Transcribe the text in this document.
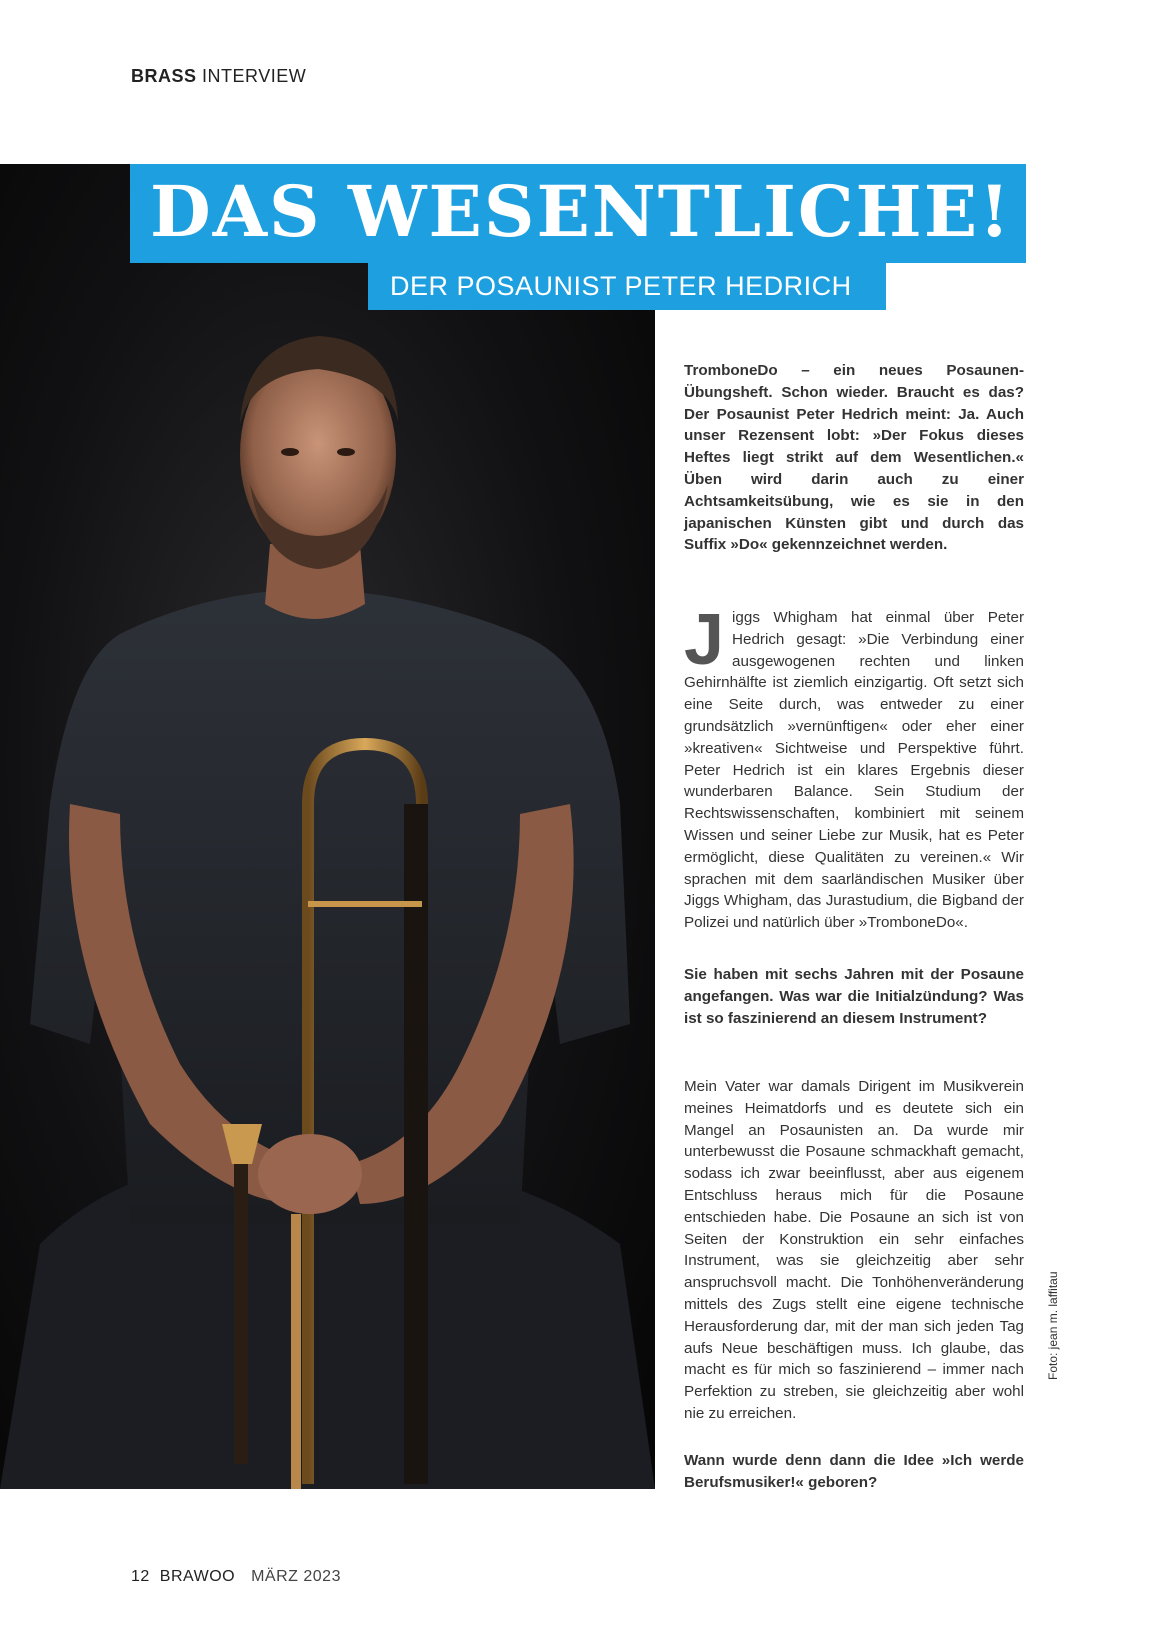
BRASS INTERVIEW
DAS WESENTLICHE!
DER POSAUNIST PETER HEDRICH
TromboneDo – ein neues Posaunen-Übungsheft. Schon wieder. Braucht es das? Der Posaunist Peter Hedrich meint: Ja. Auch unser Rezensent lobt: »Der Fokus dieses Heftes liegt strikt auf dem Wesentlichen.« Üben wird darin auch zu einer Achtsamkeitsübung, wie es sie in den japanischen Künsten gibt und durch das Suffix »Do« gekennzeichnet werden.
Jiggs Whigham hat einmal über Peter Hedrich gesagt: »Die Verbindung einer ausgewogenen rechten und linken Gehirnhälfte ist ziemlich einzigartig. Oft setzt sich eine Seite durch, was entweder zu einer grundsätzlich »vernünftigen« oder eher einer »kreativen« Sichtweise und Perspektive führt. Peter Hedrich ist ein klares Ergebnis dieser wunderbaren Balance. Sein Studium der Rechtswissenschaften, kombiniert mit seinem Wissen und seiner Liebe zur Musik, hat es Peter ermöglicht, diese Qualitäten zu vereinen.« Wir sprachen mit dem saarländischen Musiker über Jiggs Whigham, das Jurastudium, die Bigband der Polizei und natürlich über »TromboneDo«.
Sie haben mit sechs Jahren mit der Posaune angefangen. Was war die Initialzündung? Was ist so faszinierend an diesem Instrument?
Mein Vater war damals Dirigent im Musikverein meines Heimatdorfs und es deutete sich ein Mangel an Posaunisten an. Da wurde mir unterbewusst die Posaune schmackhaft gemacht, sodass ich zwar beeinflusst, aber aus eigenem Entschluss heraus mich für die Posaune entschieden habe. Die Posaune an sich ist von Seiten der Konstruktion ein sehr einfaches Instrument, was sie gleichzeitig aber sehr anspruchsvoll macht. Die Tonhöhenveränderung mittels des Zugs stellt eine eigene technische Herausforderung dar, mit der man sich jeden Tag aufs Neue beschäftigen muss. Ich glaube, das macht es für mich so faszinierend – immer nach Perfektion zu streben, sie gleichzeitig aber wohl nie zu erreichen.
Wann wurde denn dann die Idee »Ich werde Berufsmusiker!« geboren?
Foto: jean m. laffitau
12 BRAWOO MÄRZ 2023
